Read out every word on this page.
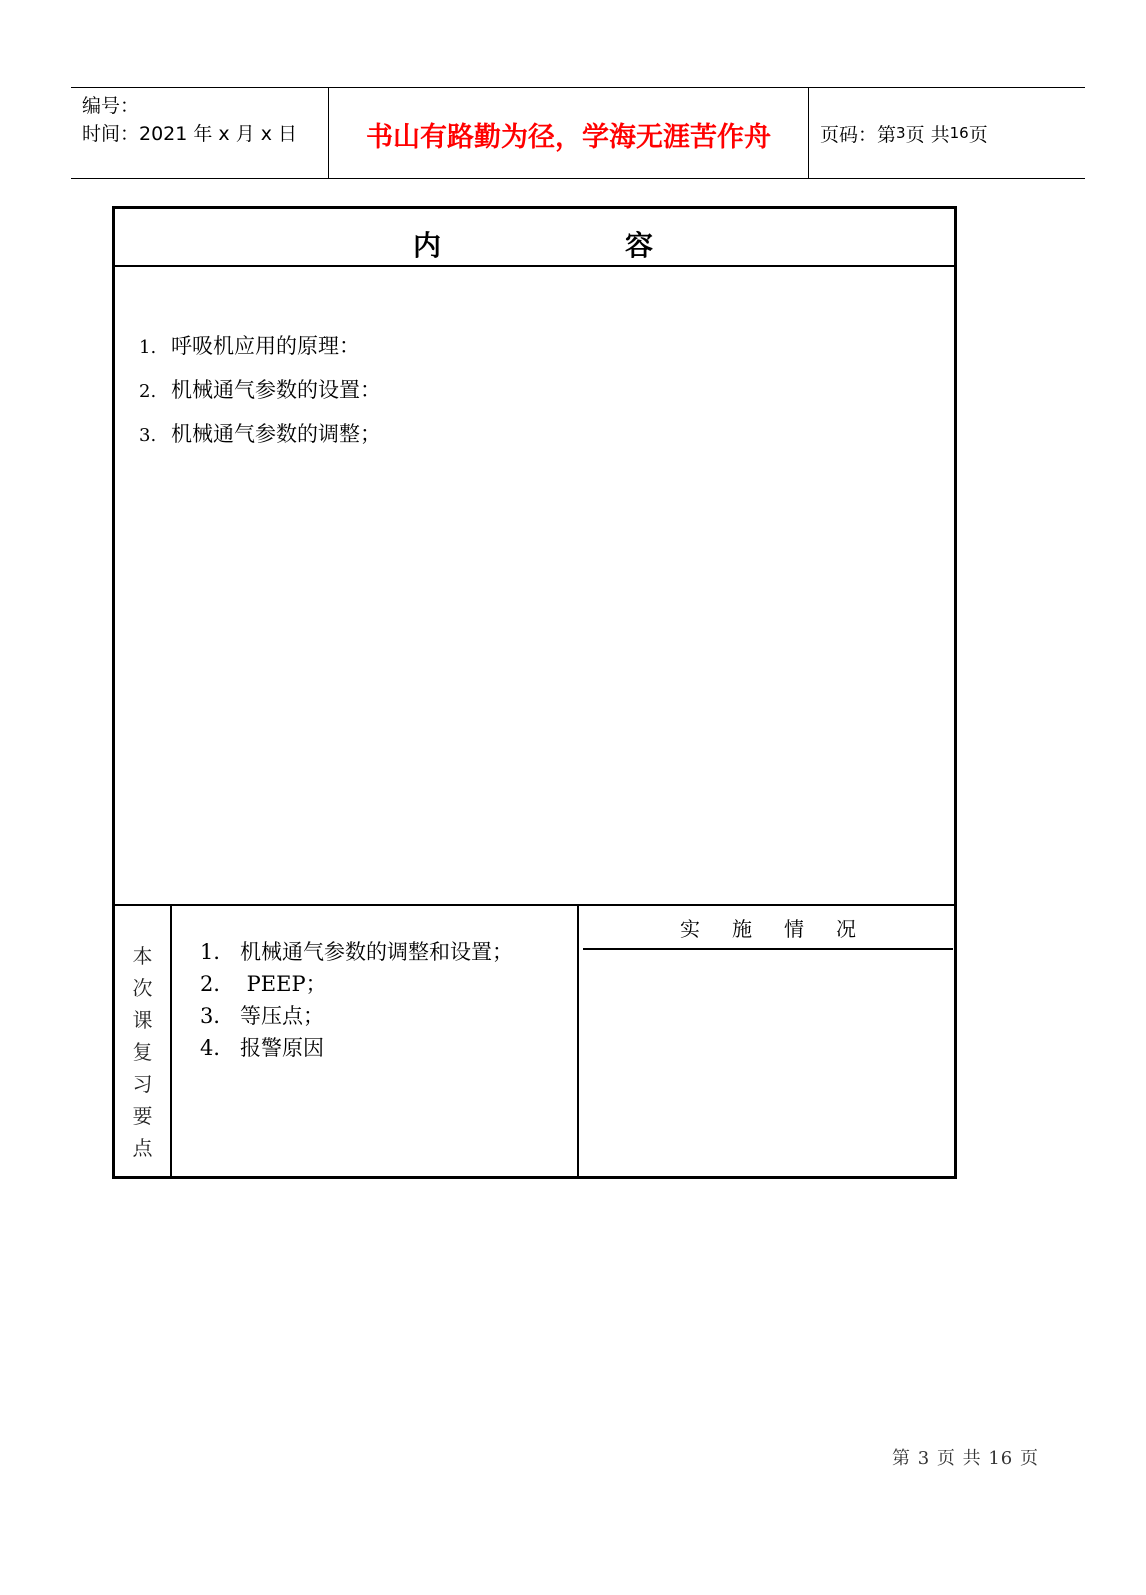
编号：
时间：2021 年 x 月 x 日	书山有路勤为径，学海无涯苦作舟	页码：第 3 页 共 16 页
内	容
1. 呼吸机应用的原理：
2. 机械通气参数的设置：
3. 机械通气参数的调整；
本
次
课
复
习
要
点
1． 机械通气参数的调整和设置；
2． PEEP；
3． 等压点；
4． 报警原因
实 施 情 况
第 3 页 共 16 页
